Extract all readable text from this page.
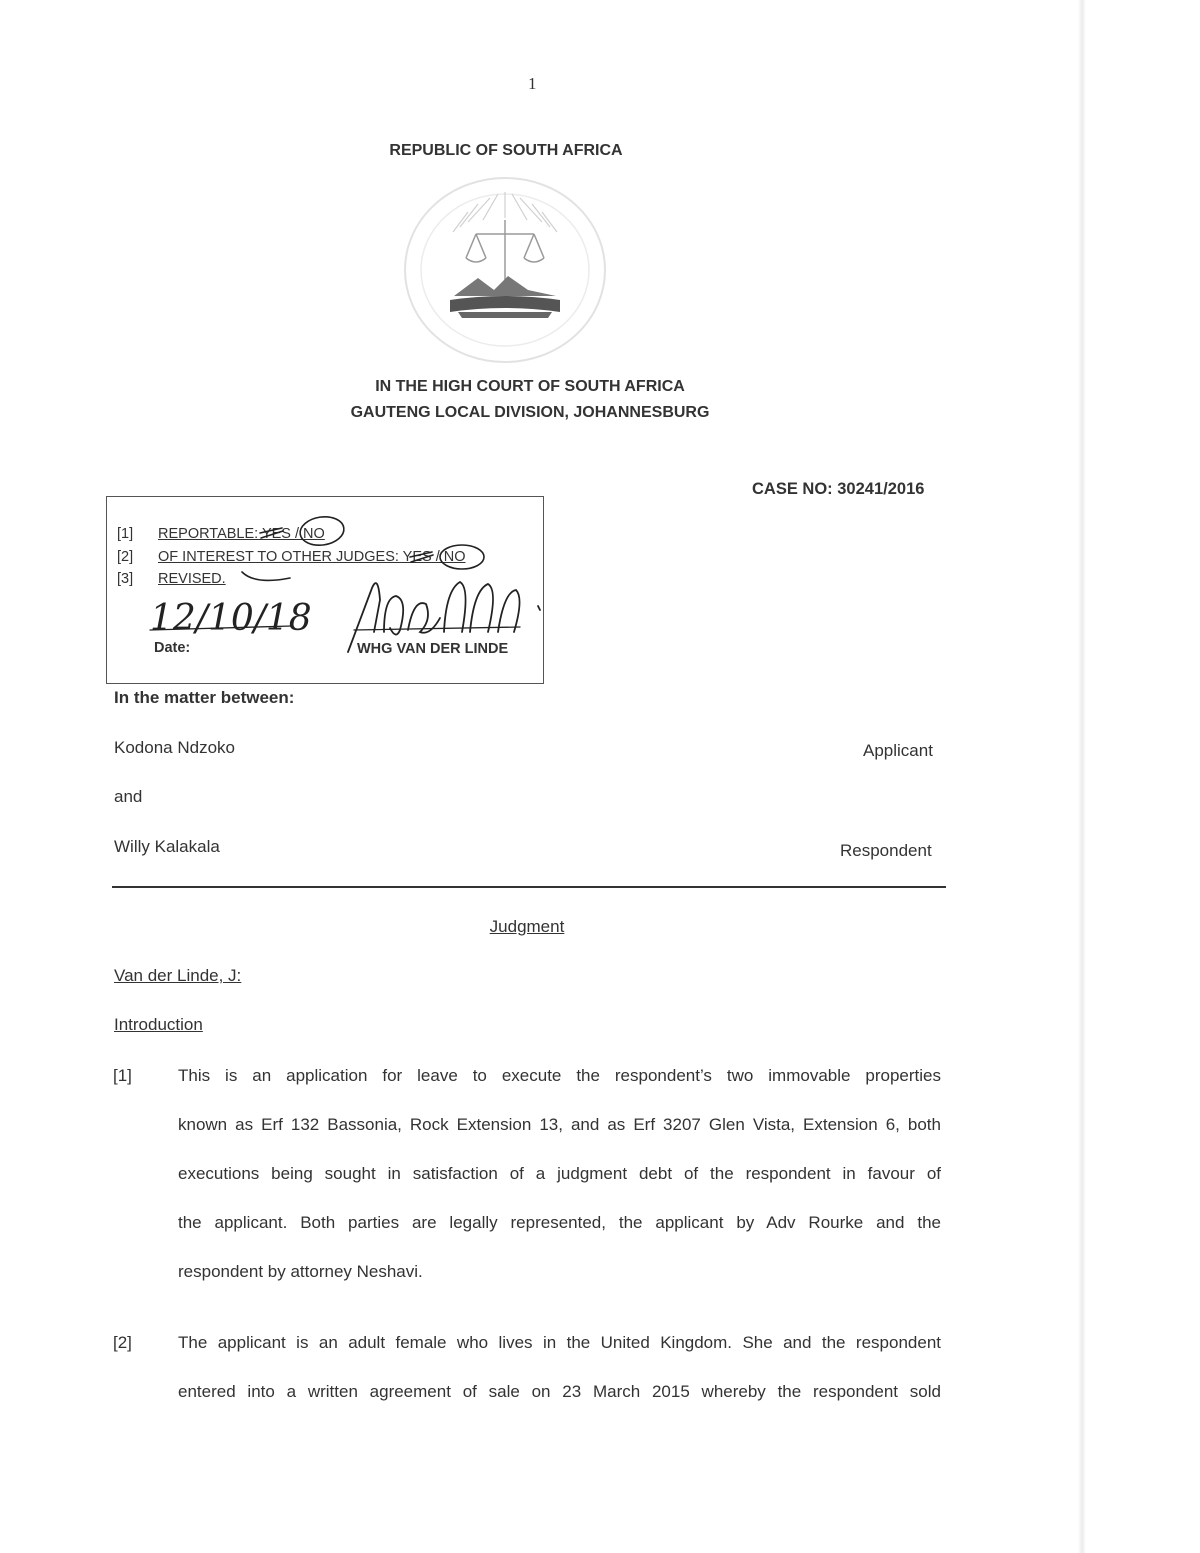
1
REPUBLIC OF SOUTH AFRICA
IN THE HIGH COURT OF SOUTH AFRICA
GAUTENG LOCAL DIVISION, JOHANNESBURG
CASE NO: 30241/2016
[1] REPORTABLE: YES / NO
[2] OF INTEREST TO OTHER JUDGES: YES / NO
[3] REVISED.
Date:	WHG VAN DER LINDE
12/10/18
In the matter between:
Kodona Ndzoko	Applicant
and
Willy Kalakala	Respondent
Judgment
Van der Linde, J:
Introduction
[1]	This is an application for leave to execute the respondent’s two immovable properties
known as Erf 132 Bassonia, Rock Extension 13, and as Erf 3207 Glen Vista, Extension 6, both
executions being sought in satisfaction of a judgment debt of the respondent in favour of
the applicant. Both parties are legally represented, the applicant by Adv Rourke and the
respondent by attorney Neshavi.
[2]	The applicant is an adult female who lives in the United Kingdom. She and the respondent
entered into a written agreement of sale on 23 March 2015 whereby the respondent sold
